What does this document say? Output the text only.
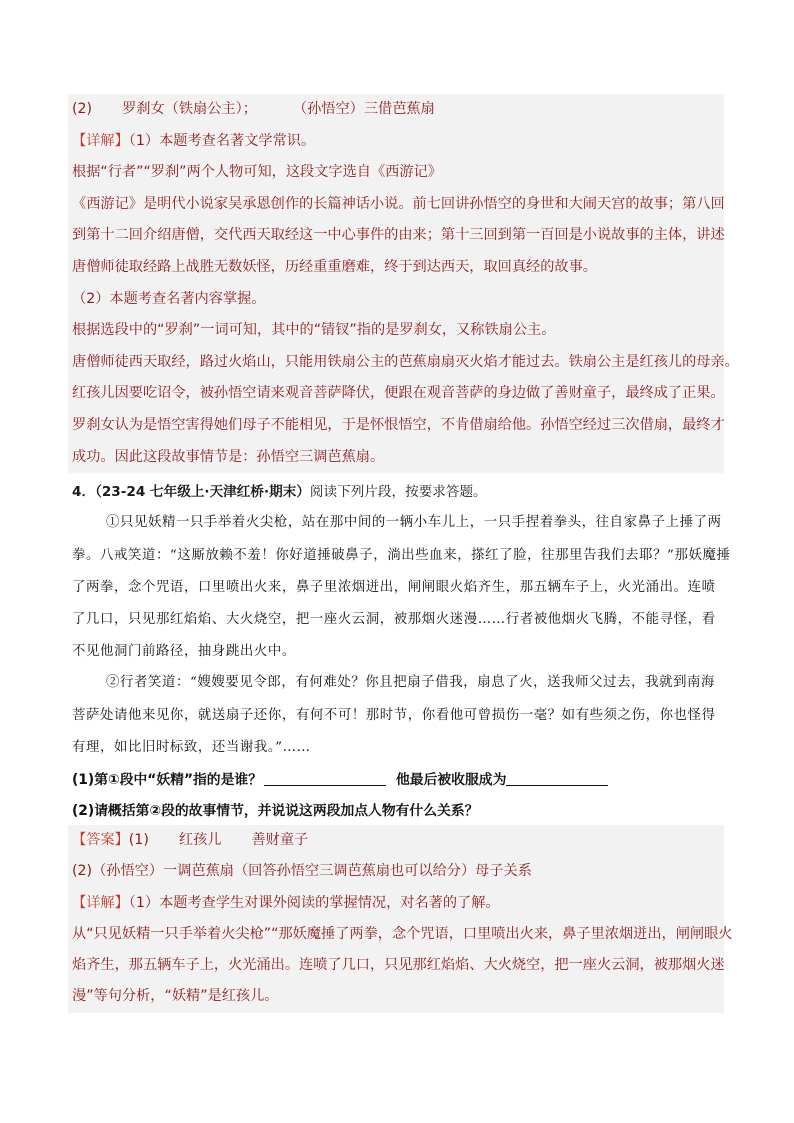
(2) 罗刹女（铁扇公主）；	（孙悟空）三借芭蕉扇
【详解】（1）本题考查名著文学常识。
根据“行者”“罗刹”两个人物可知，这段文字选自《西游记》
《西游记》是明代小说家吴承恩创作的长篇神话小说。前七回讲孙悟空的身世和大闹天宫的故事；第八回
到第十二回介绍唐僧，交代西天取经这一中心事件的由来；第十三回到第一百回是小说故事的主体，讲述
唐僧师徒取经路上战胜无数妖怪，历经重重磨难，终于到达西天，取回真经的故事。
（2）本题考查名著内容掌握。
根据选段中的“罗刹”一词可知，其中的“锖钗”指的是罗刹女，又称铁扇公主。
唐僧师徒西天取经，路过火焰山，只能用铁扇公主的芭蕉扇扇灭火焰才能过去。铁扇公主是红孩儿的母亲。
红孩儿因要吃诏令，被孙悟空请来观音菩萨降伏，便跟在观音菩萨的身边做了善财童子，最终成了正果。
罗刹女认为是悟空害得她们母子不能相见，于是怀恨悟空，不肯借扇给他。孙悟空经过三次借扇，最终才
成功。因此这段故事情节是：孙悟空三调芭蕉扇。
4．（23-24 七年级上·天津红桥·期末）阅读下列片段，按要求答题。
①只见妖精一只手举着火尖枪，站在那中间的一辆小车儿上，一只手捏着拳头，往自家鼻子上捶了两
拳。八戒笑道：“这厮放赖不羞！你好道捶破鼻子，淌出些血来，搽红了脸，往那里告我们去耶？”那妖魔捶
了两拳，念个咒语，口里喷出火来，鼻子里浓烟迸出，闸闸眼火焰齐生，那五辆车子上，火光涌出。连喷
了几口，只见那红焰焰、大火烧空，把一座火云洞，被那烟火迷漫……行者被他烟火飞腾，不能寻怪，看
不见他洞门前路径，抽身跳出火中。
②行者笑道：“嫂嫂要见令郎，有何难处？你且把扇子借我，扇息了火，送我师父过去，我就到南海
菩萨处请他来见你，就送扇子还你，有何不可！那时节，你看他可曾损伤一毫？如有些须之伤，你也怪得
有理，如比旧时标致，还当谢我。”……
(1)第①段中“妖精”指的是谁？	他最后被收服成为
(2)请概括第②段的故事情节，并说说这两段加点人物有什么关系？
【答案】(1) 红孩儿 善财童子
(2)（孙悟空）一调芭蕉扇（回答孙悟空三调芭蕉扇也可以给分）母子关系
【详解】（1）本题考查学生对课外阅读的掌握情况，对名著的了解。
从“只见妖精一只手举着火尖枪”“那妖魔捶了两拳，念个咒语，口里喷出火来，鼻子里浓烟迸出，闸闸眼火
焰齐生，那五辆车子上，火光涌出。连喷了几口，只见那红焰焰、大火烧空，把一座火云洞，被那烟火迷
漫”等句分析，“妖精”是红孩儿。
